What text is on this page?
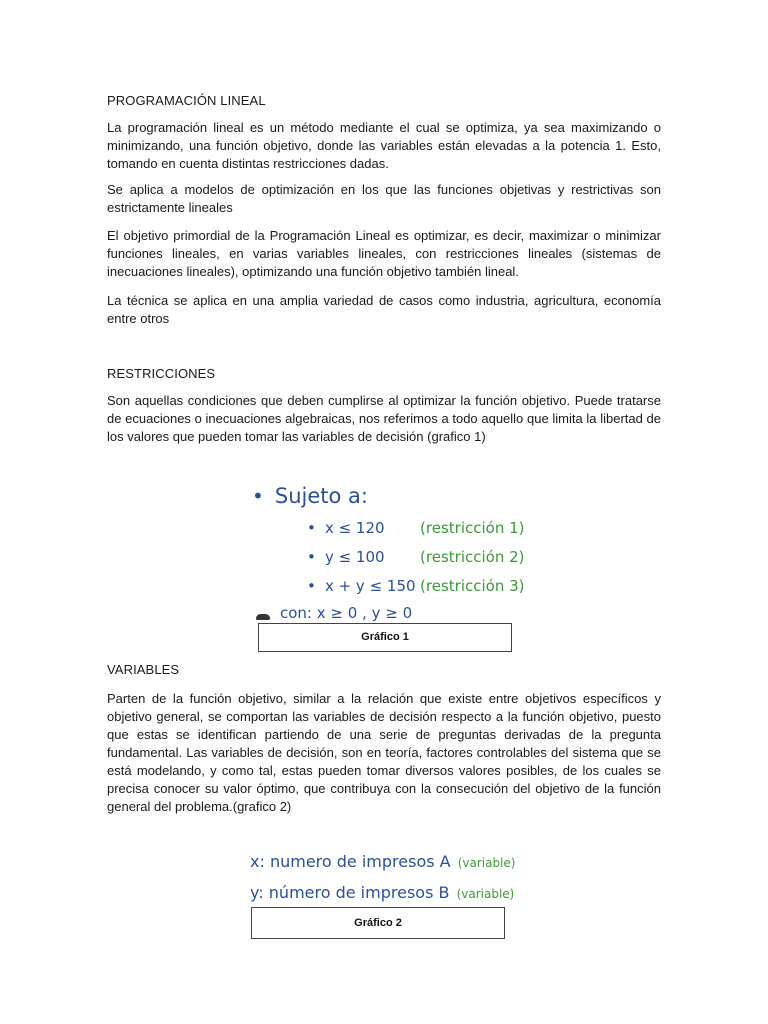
PROGRAMACIÓN LINEAL
La programación lineal es un método mediante el cual se optimiza, ya sea maximizando o minimizando, una función objetivo, donde las variables están elevadas a la potencia 1. Esto, tomando en cuenta distintas restricciones dadas.
Se aplica a modelos de optimización en los que las funciones objetivas y restrictivas son estrictamente lineales
El objetivo primordial de la Programación Lineal es optimizar, es decir, maximizar o minimizar funciones lineales, en varias variables lineales, con restricciones lineales (sistemas de inecuaciones lineales), optimizando una función objetivo también lineal.
La técnica se aplica en una amplia variedad de casos como industria, agricultura, economía entre otros
RESTRICCIONES
Son aquellas condiciones que deben cumplirse al optimizar la función objetivo. Puede tratarse de ecuaciones o inecuaciones algebraicas, nos referimos a todo aquello que limita la libertad de los valores que pueden tomar las variables de decisión (grafico 1)
• Sujeto a:
• x ≤ 120 (restricción 1)
• y ≤ 100 (restricción 2)
• x + y ≤ 150 (restricción 3)
con: x ≥ 0 , y ≥ 0
Gráfico 1
VARIABLES
Parten de la función objetivo, similar a la relación que existe entre objetivos específicos y objetivo general, se comportan las variables de decisión respecto a la función objetivo, puesto que estas se identifican partiendo de una serie de preguntas derivadas de la pregunta fundamental. Las variables de decisión, son en teoría, factores controlables del sistema que se está modelando, y como tal, estas pueden tomar diversos valores posibles, de los cuales se precisa conocer su valor óptimo, que contribuya con la consecución del objetivo de la función general del problema.(grafico 2)
x: numero de impresos A (variable)
y: número de impresos B (variable)
Gráfico 2
